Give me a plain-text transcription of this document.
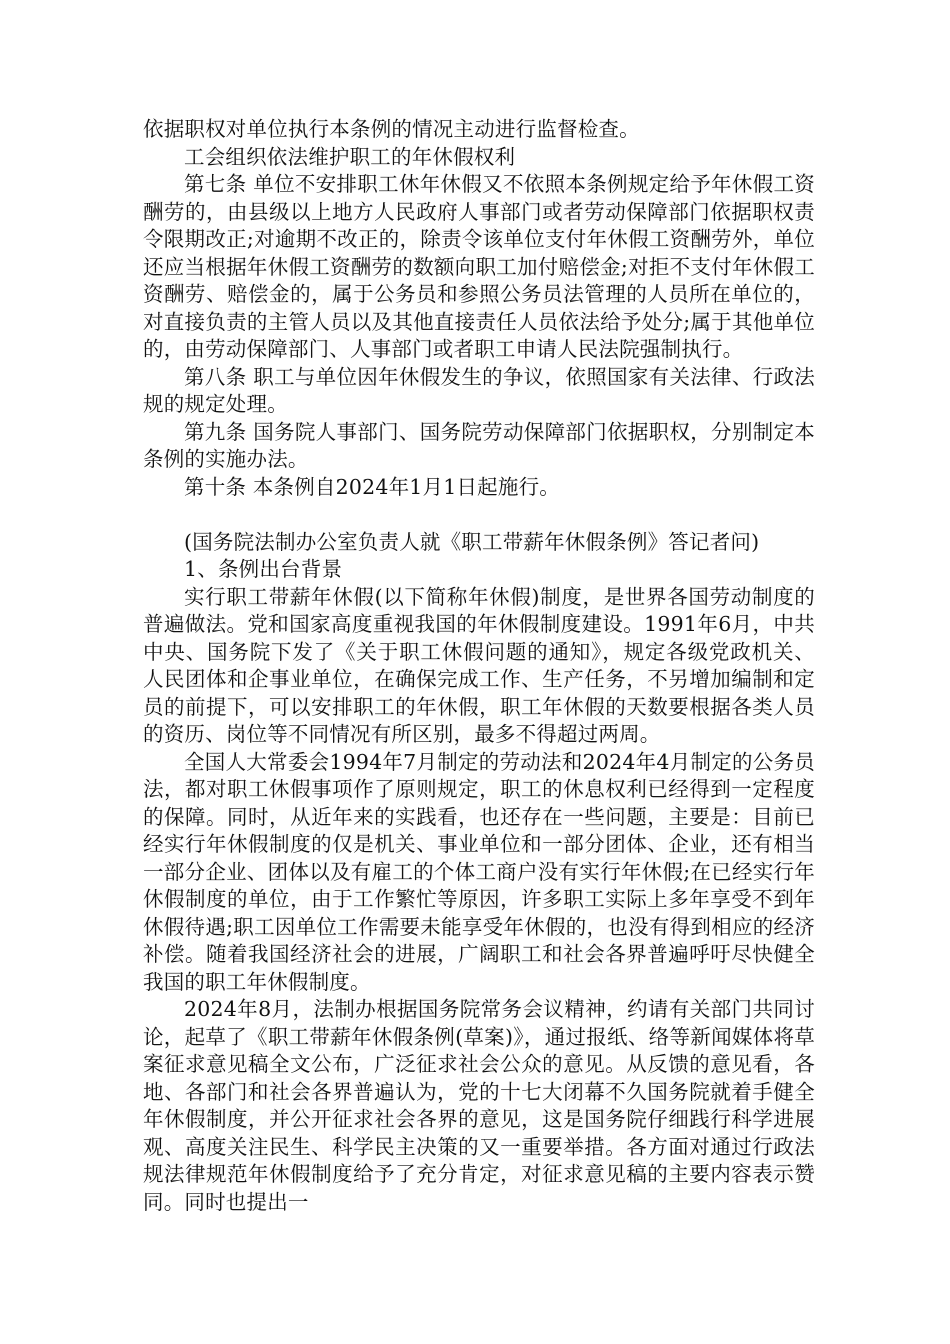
依据职权对单位执行本条例的情况主动进行监督检查。

工会组织依法维护职工的年休假权利

第七条 单位不安排职工休年休假又不依照本条例规定给予年休假工资酬劳的，由县级以上地方人民政府人事部门或者劳动保障部门依据职权责令限期改正;对逾期不改正的，除责令该单位支付年休假工资酬劳外，单位还应当根据年休假工资酬劳的数额向职工加付赔偿金;对拒不支付年休假工资酬劳、赔偿金的，属于公务员和参照公务员法管理的人员所在单位的，对直接负责的主管人员以及其他直接责任人员依法给予处分;属于其他单位的，由劳动保障部门、人事部门或者职工申请人民法院强制执行。

第八条 职工与单位因年休假发生的争议，依照国家有关法律、行政法规的规定处理。

第九条 国务院人事部门、国务院劳动保障部门依据职权，分别制定本条例的实施办法。

第十条 本条例自2024年1月1日起施行。

(国务院法制办公室负责人就《职工带薪年休假条例》答记者问)

1、条例出台背景

实行职工带薪年休假(以下简称年休假)制度，是世界各国劳动制度的普遍做法。党和国家高度重视我国的年休假制度建设。1991年6月，中共中央、国务院下发了《关于职工休假问题的通知》，规定各级党政机关、人民团体和企事业单位，在确保完成工作、生产任务，不另增加编制和定员的前提下，可以安排职工的年休假，职工年休假的天数要根据各类人员的资历、岗位等不同情况有所区别，最多不得超过两周。

全国人大常委会1994年7月制定的劳动法和2024年4月制定的公务员法，都对职工休假事项作了原则规定，职工的休息权利已经得到一定程度的保障。同时，从近年来的实践看，也还存在一些问题，主要是：目前已经实行年休假制度的仅是机关、事业单位和一部分团体、企业，还有相当一部分企业、团体以及有雇工的个体工商户没有实行年休假;在已经实行年休假制度的单位，由于工作繁忙等原因，许多职工实际上多年享受不到年休假待遇;职工因单位工作需要未能享受年休假的，也没有得到相应的经济补偿。随着我国经济社会的进展，广阔职工和社会各界普遍呼吁尽快健全我国的职工年休假制度。

2024年8月，法制办根据国务院常务会议精神，约请有关部门共同讨论，起草了《职工带薪年休假条例(草案)》，通过报纸、络等新闻媒体将草案征求意见稿全文公布，广泛征求社会公众的意见。从反馈的意见看，各地、各部门和社会各界普遍认为，党的十七大闭幕不久国务院就着手健全年休假制度，并公开征求社会各界的意见，这是国务院仔细践行科学进展观、高度关注民生、科学民主决策的又一重要举措。各方面对通过行政法规法律规范年休假制度给予了充分肯定，对征求意见稿的主要内容表示赞同。同时也提出一
